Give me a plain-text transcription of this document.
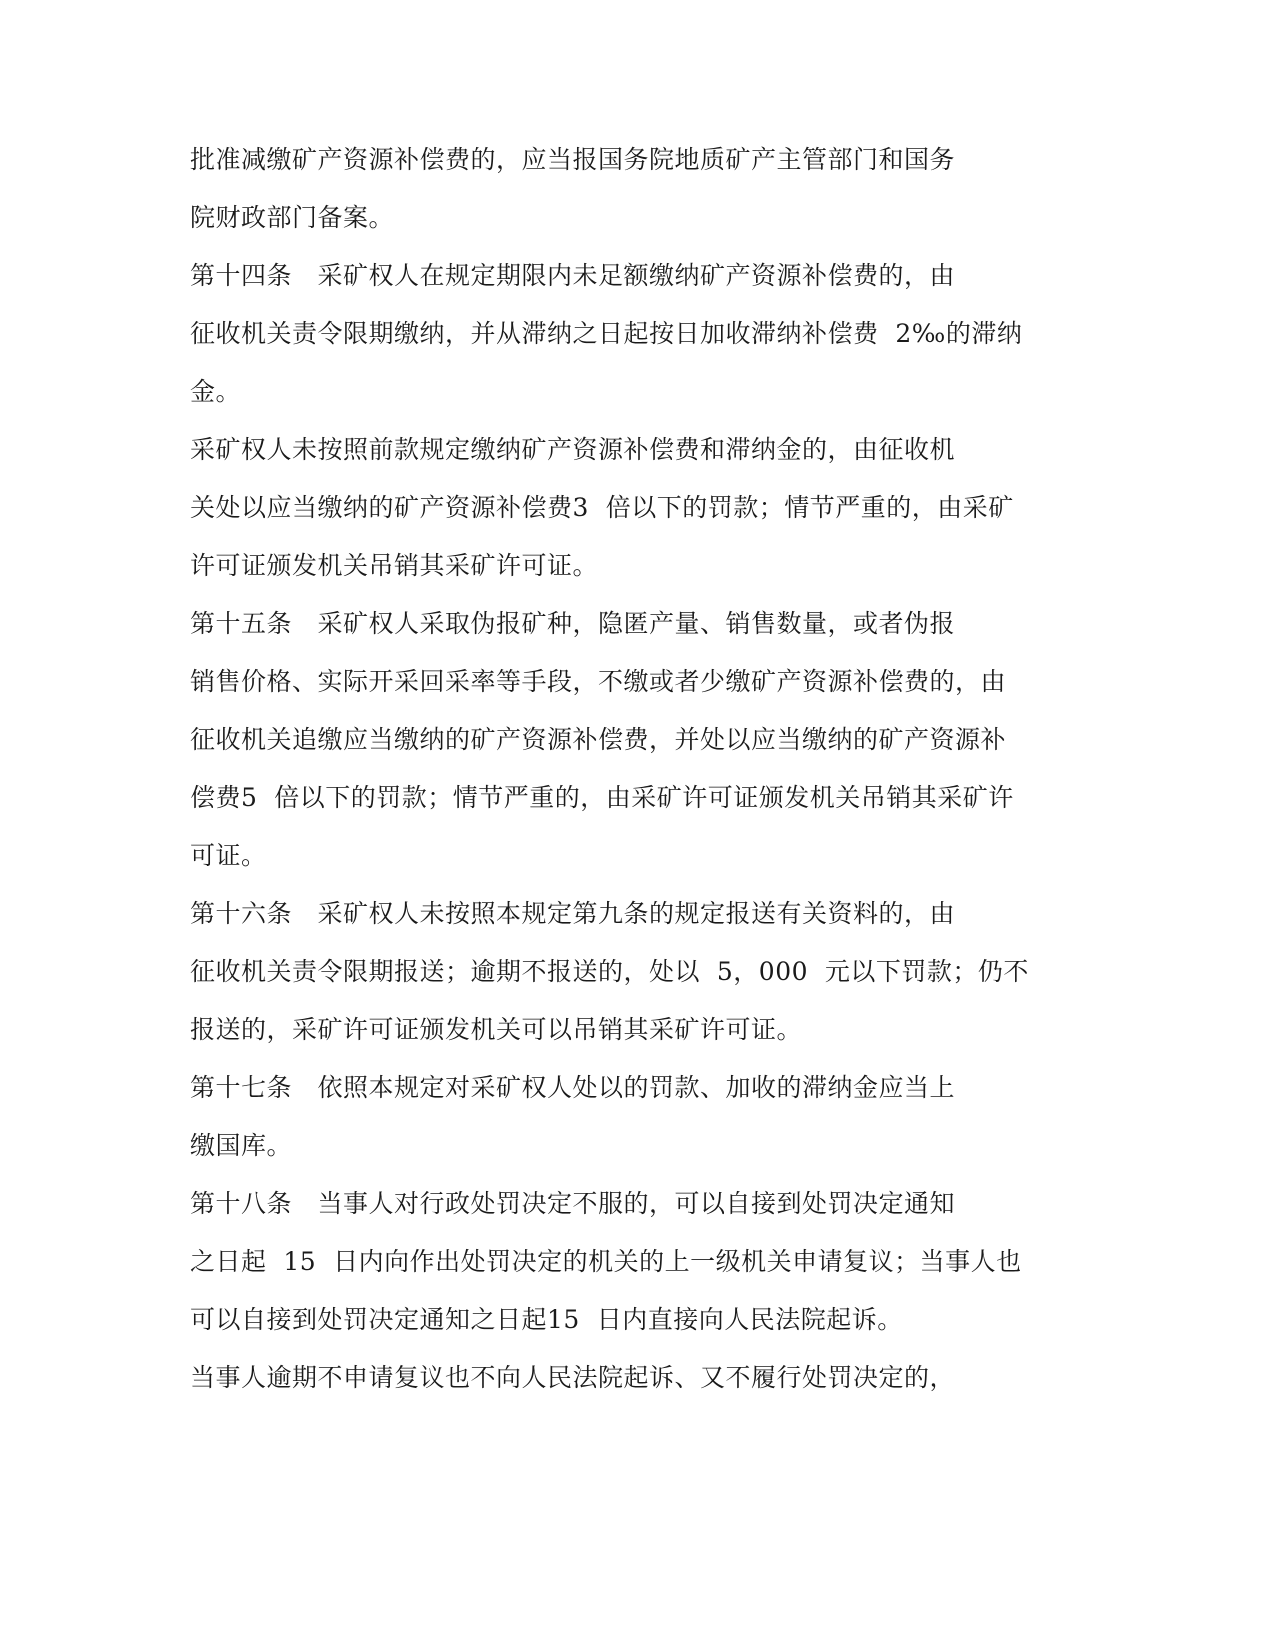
批准减缴矿产资源补偿费的，应当报国务院地质矿产主管部门和国务
院财政部门备案。
第十四条　采矿权人在规定期限内未足额缴纳矿产资源补偿费的，由
征收机关责令限期缴纳，并从滞纳之日起按日加收滞纳补偿费  2‰的滞纳
金。
采矿权人未按照前款规定缴纳矿产资源补偿费和滞纳金的，由征收机
关处以应当缴纳的矿产资源补偿费3  倍以下的罚款；情节严重的，由采矿
许可证颁发机关吊销其采矿许可证。
第十五条　采矿权人采取伪报矿种，隐匿产量、销售数量，或者伪报
销售价格、实际开采回采率等手段，不缴或者少缴矿产资源补偿费的，由
征收机关追缴应当缴纳的矿产资源补偿费，并处以应当缴纳的矿产资源补
偿费5  倍以下的罚款；情节严重的，由采矿许可证颁发机关吊销其采矿许
可证。
第十六条　采矿权人未按照本规定第九条的规定报送有关资料的，由
征收机关责令限期报送；逾期不报送的，处以  5，000  元以下罚款；仍不
报送的，采矿许可证颁发机关可以吊销其采矿许可证。
第十七条　依照本规定对采矿权人处以的罚款、加收的滞纳金应当上
缴国库。
第十八条　当事人对行政处罚决定不服的，可以自接到处罚决定通知
之日起  15  日内向作出处罚决定的机关的上一级机关申请复议；当事人也
可以自接到处罚决定通知之日起15  日内直接向人民法院起诉。
当事人逾期不申请复议也不向人民法院起诉、又不履行处罚决定的，
